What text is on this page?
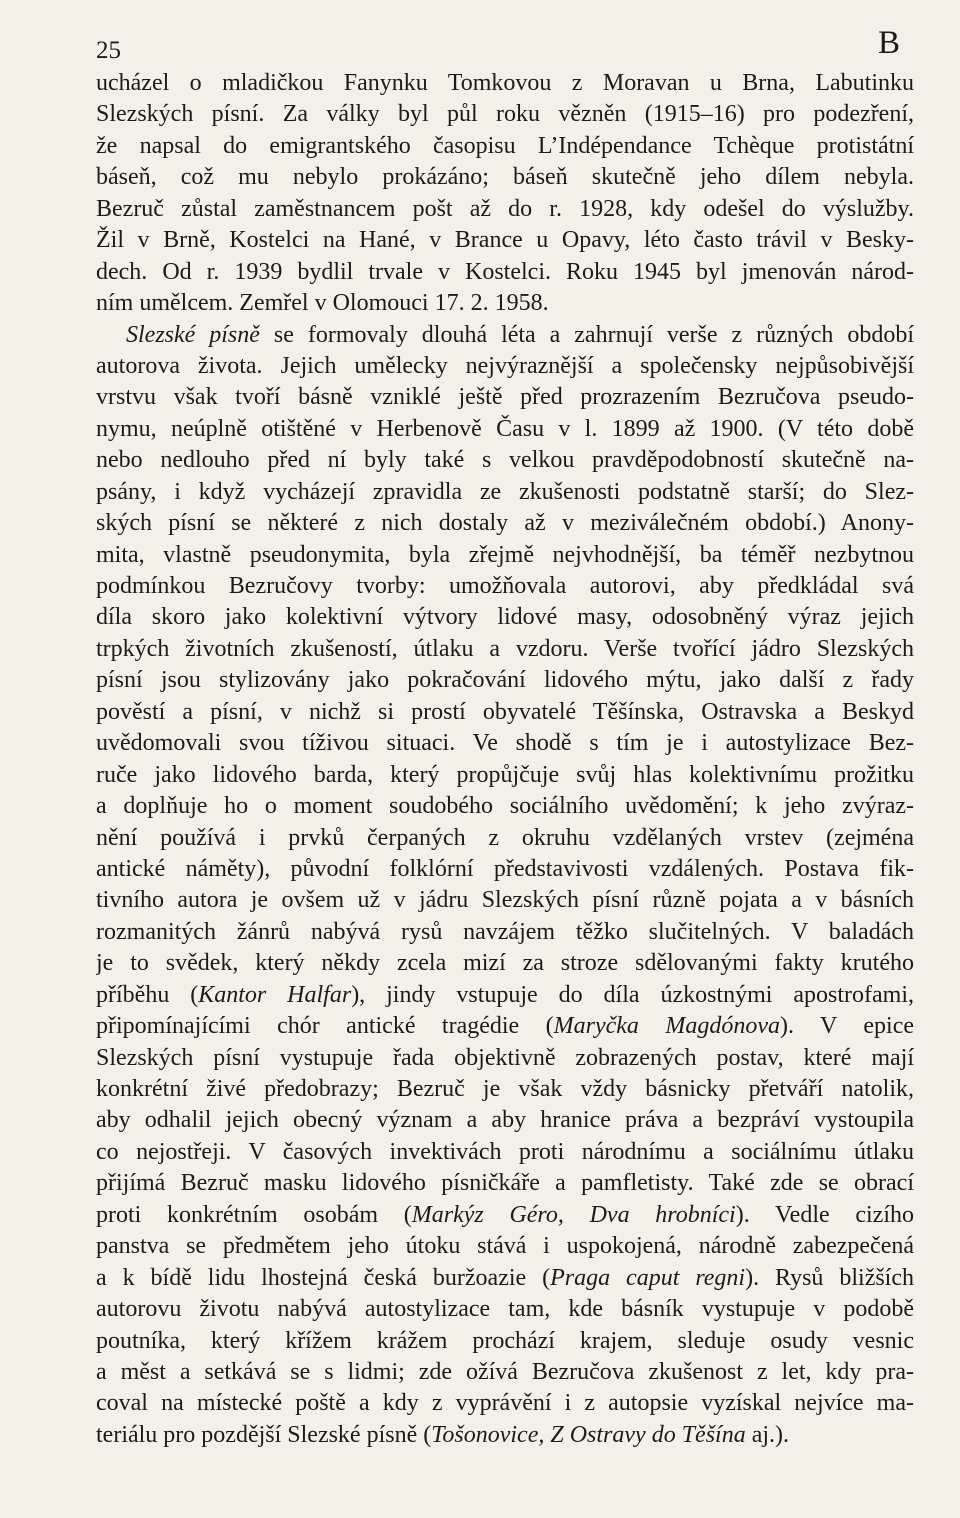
25	B
ucházel o mladičkou Fanynku Tomkovou z Moravan u Brna, Labutinku
Slezských písní. Za války byl půl roku vězněn (1915–16) pro podezření,
že napsal do emigrantského časopisu L’Indépendance Tchèque protistátní
báseň, což mu nebylo prokázáno; báseň skutečně jeho dílem nebyla.
Bezruč zůstal zaměstnancem pošt až do r. 1928, kdy odešel do výslužby.
Žil v Brně, Kostelci na Hané, v Brance u Opavy, léto často trávil v Besky-
dech. Od r. 1939 bydlil trvale v Kostelci. Roku 1945 byl jmenován národ-
ním umělcem. Zemřel v Olomouci 17. 2. 1958.
Slezské písně se formovaly dlouhá léta a zahrnují verše z různých období
autorova života. Jejich umělecky nejvýraznější a společensky nejpůsobivější
vrstvu však tvoří básně vzniklé ještě před prozrazením Bezručova pseudo-
nymu, neúplně otištěné v Herbenově Času v l. 1899 až 1900. (V této době
nebo nedlouho před ní byly také s velkou pravděpodobností skutečně na-
psány, i když vycházejí zpravidla ze zkušenosti podstatně starší; do Slez-
ských písní se některé z nich dostaly až v meziválečném období.) Anony-
mita, vlastně pseudonymita, byla zřejmě nejvhodnější, ba téměř nezbytnou
podmínkou Bezručovy tvorby: umožňovala autorovi, aby předkládal svá
díla skoro jako kolektivní výtvory lidové masy, odosobněný výraz jejich
trpkých životních zkušeností, útlaku a vzdoru. Verše tvořící jádro Slezských
písní jsou stylizovány jako pokračování lidového mýtu, jako další z řady
pověstí a písní, v nichž si prostí obyvatelé Těšínska, Ostravska a Beskyd
uvědomovali svou tíživou situaci. Ve shodě s tím je i autostylizace Bez-
ruče jako lidového barda, který propůjčuje svůj hlas kolektivnímu prožitku
a doplňuje ho o moment soudobého sociálního uvědomění; k jeho zvýraz-
nění používá i prvků čerpaných z okruhu vzdělaných vrstev (zejména
antické náměty), původní folklórní představivosti vzdálených. Postava fik-
tivního autora je ovšem už v jádru Slezských písní různě pojata a v básních
rozmanitých žánrů nabývá rysů navzájem těžko slučitelných. V baladách
je to svědek, který někdy zcela mizí za stroze sdělovanými fakty krutého
příběhu (Kantor Halfar), jindy vstupuje do díla úzkostnými apostrofami,
připomínajícími chór antické tragédie (Maryčka Magdónova). V epice
Slezských písní vystupuje řada objektivně zobrazených postav, které mají
konkrétní živé předobrazy; Bezruč je však vždy básnicky přetváří natolik,
aby odhalil jejich obecný význam a aby hranice práva a bezpráví vystoupila
co nejostřeji. V časových invektivách proti národnímu a sociálnímu útlaku
přijímá Bezruč masku lidového písničkáře a pamfletisty. Také zde se obrací
proti konkrétním osobám (Markýz Géro, Dva hrobníci). Vedle cizího
panstva se předmětem jeho útoku stává i uspokojená, národně zabezpečená
a k bídě lidu lhostejná česká buržoazie (Praga caput regni). Rysů bližších
autorovu životu nabývá autostylizace tam, kde básník vystupuje v podobě
poutníka, který křížem krážem prochází krajem, sleduje osudy vesnic
a měst a setkává se s lidmi; zde ožívá Bezručova zkušenost z let, kdy pra-
coval na místecké poště a kdy z vyprávění i z autopsie vyzískal nejvíce ma-
teriálu pro pozdější Slezské písně (Tošonovice, Z Ostravy do Těšína aj.).
